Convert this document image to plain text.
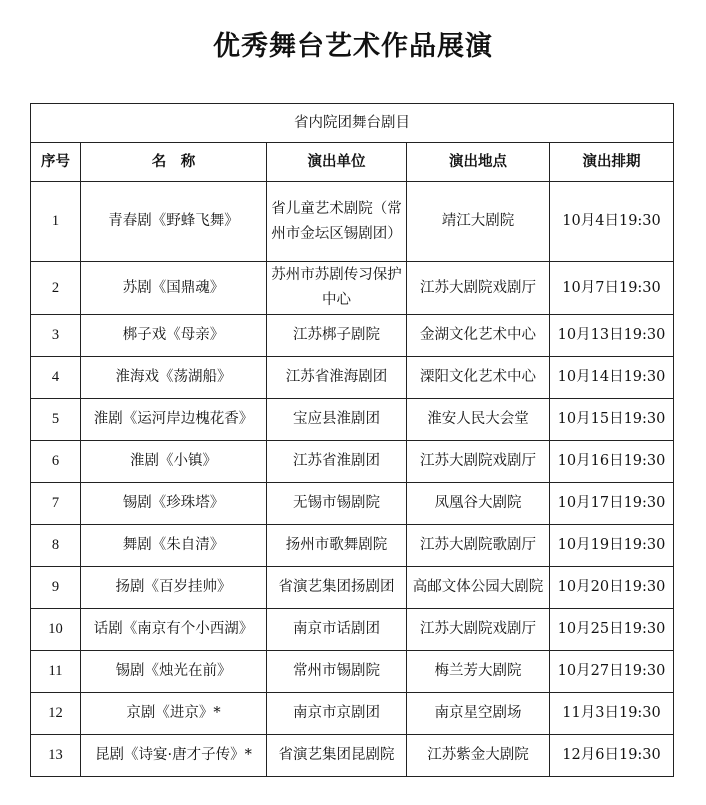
优秀舞台艺术作品展演
省内院团舞台剧目				
序号	名　称	演出单位	演出地点	演出排期
1	青春剧《野蜂飞舞》	省儿童艺术剧院（常州市金坛区锡剧团）	靖江大剧院	10月4日19:30
2	苏剧《国鼎魂》	苏州市苏剧传习保护中心	江苏大剧院戏剧厅	10月7日19:30
3	梆子戏《母亲》	江苏梆子剧院	金湖文化艺术中心	10月13日19:30
4	淮海戏《荡湖船》	江苏省淮海剧团	溧阳文化艺术中心	10月14日19:30
5	淮剧《运河岸边槐花香》	宝应县淮剧团	淮安人民大会堂	10月15日19:30
6	淮剧《小镇》	江苏省淮剧团	江苏大剧院戏剧厅	10月16日19:30
7	锡剧《珍珠塔》	无锡市锡剧院	凤凰谷大剧院	10月17日19:30
8	舞剧《朱自清》	扬州市歌舞剧院	江苏大剧院歌剧厅	10月19日19:30
9	扬剧《百岁挂帅》	省演艺集团扬剧团	高邮文体公园大剧院	10月20日19:30
10	话剧《南京有个小西湖》	南京市话剧团	江苏大剧院戏剧厅	10月25日19:30
11	锡剧《烛光在前》	常州市锡剧院	梅兰芳大剧院	10月27日19:30
12	京剧《进京》*	南京市京剧团	南京星空剧场	11月3日19:30
13	昆剧《诗宴·唐才子传》*	省演艺集团昆剧院	江苏紫金大剧院	12月6日19:30
